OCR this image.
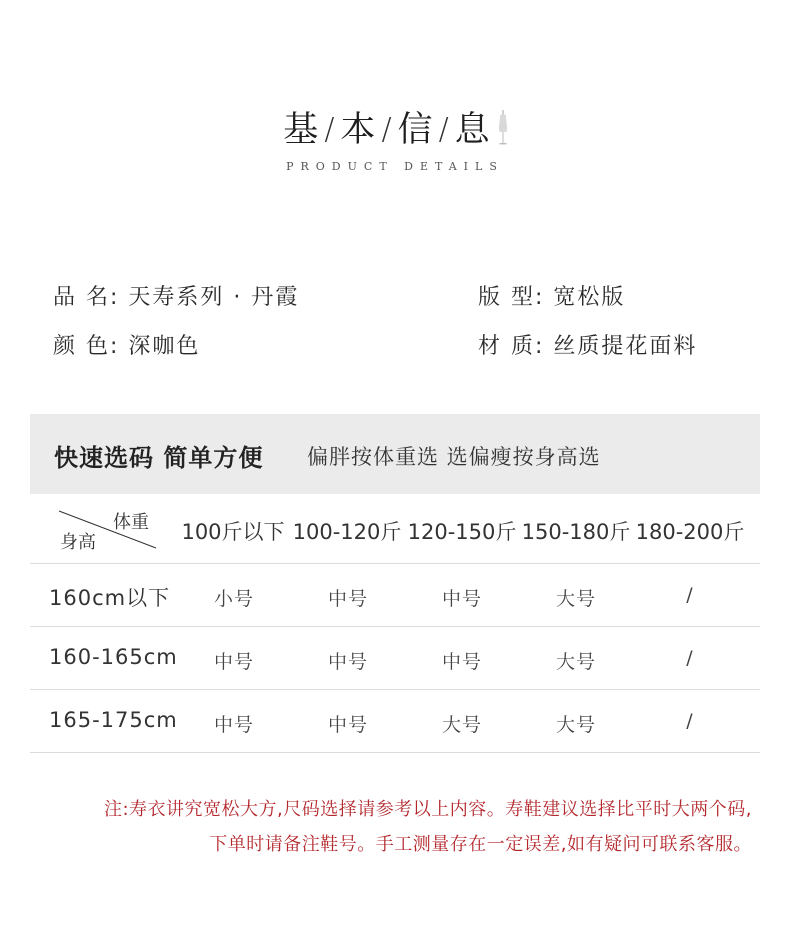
基 / 本 / 信 / 息
PRODUCT DETAILS
品 名: 天寿系列 · 丹霞	版 型: 宽松版
颜 色: 深咖色	材 质: 丝质提花面料
快速选码 简单方便 偏胖按体重选 选偏瘦按身高选
体重
身高	100斤以下 100-120斤 120-150斤 150-180斤 180-200斤
160cm以下	小号	中号	中号	大号	/
160-165cm	中号	中号	中号	大号	/
165-175cm	中号	中号	大号	大号	/
注:寿衣讲究宽松大方,尺码选择请参考以上内容。寿鞋建议选择比平时大两个码,
下单时请备注鞋号。手工测量存在一定误差,如有疑问可联系客服。
